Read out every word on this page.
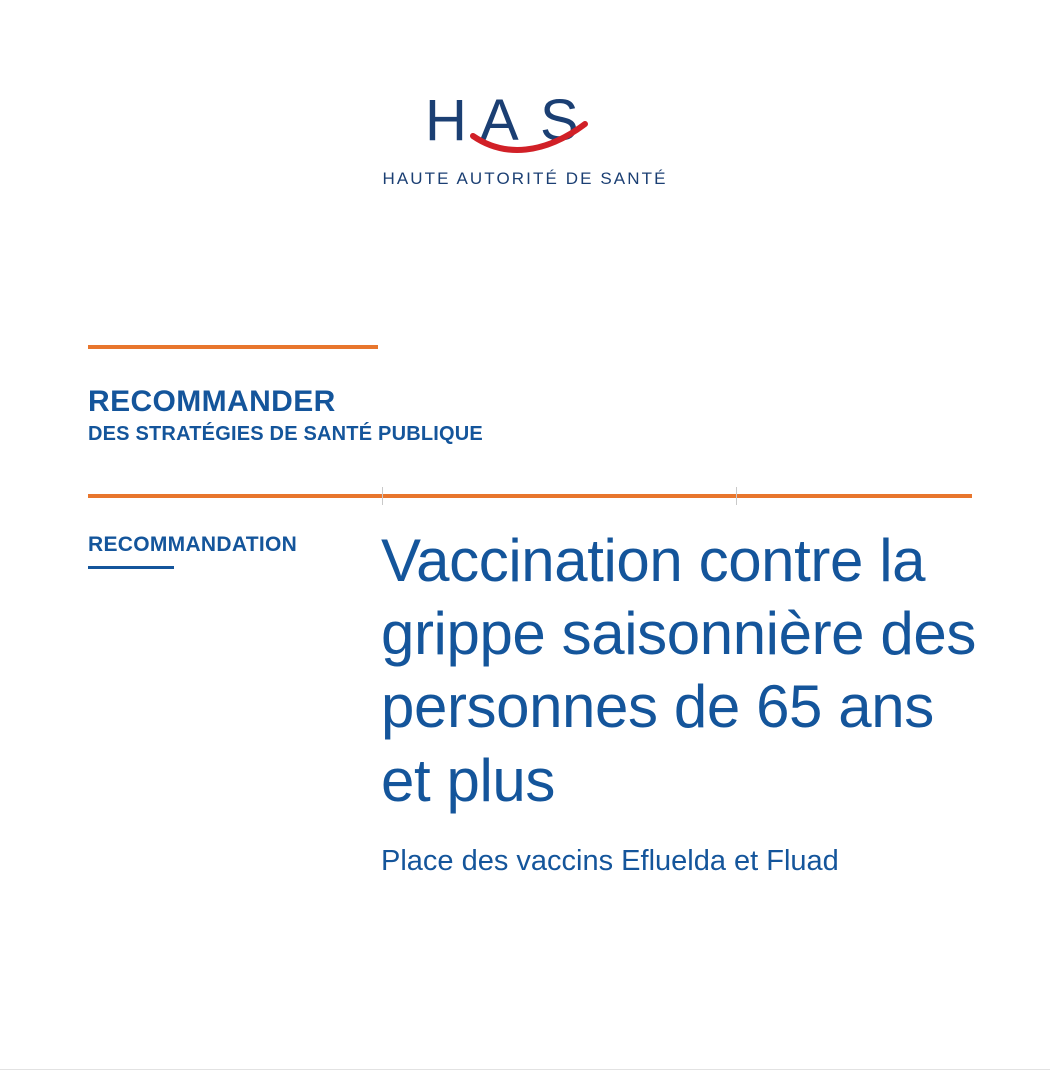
H A S
HAUTE AUTORITÉ DE SANTÉ
RECOMMANDER
DES STRATÉGIES DE SANTÉ PUBLIQUE
RECOMMANDATION	Vaccination contre la grippe saisonnière des personnes de 65 ans et plus
Place des vaccins Efluelda et Fluad
